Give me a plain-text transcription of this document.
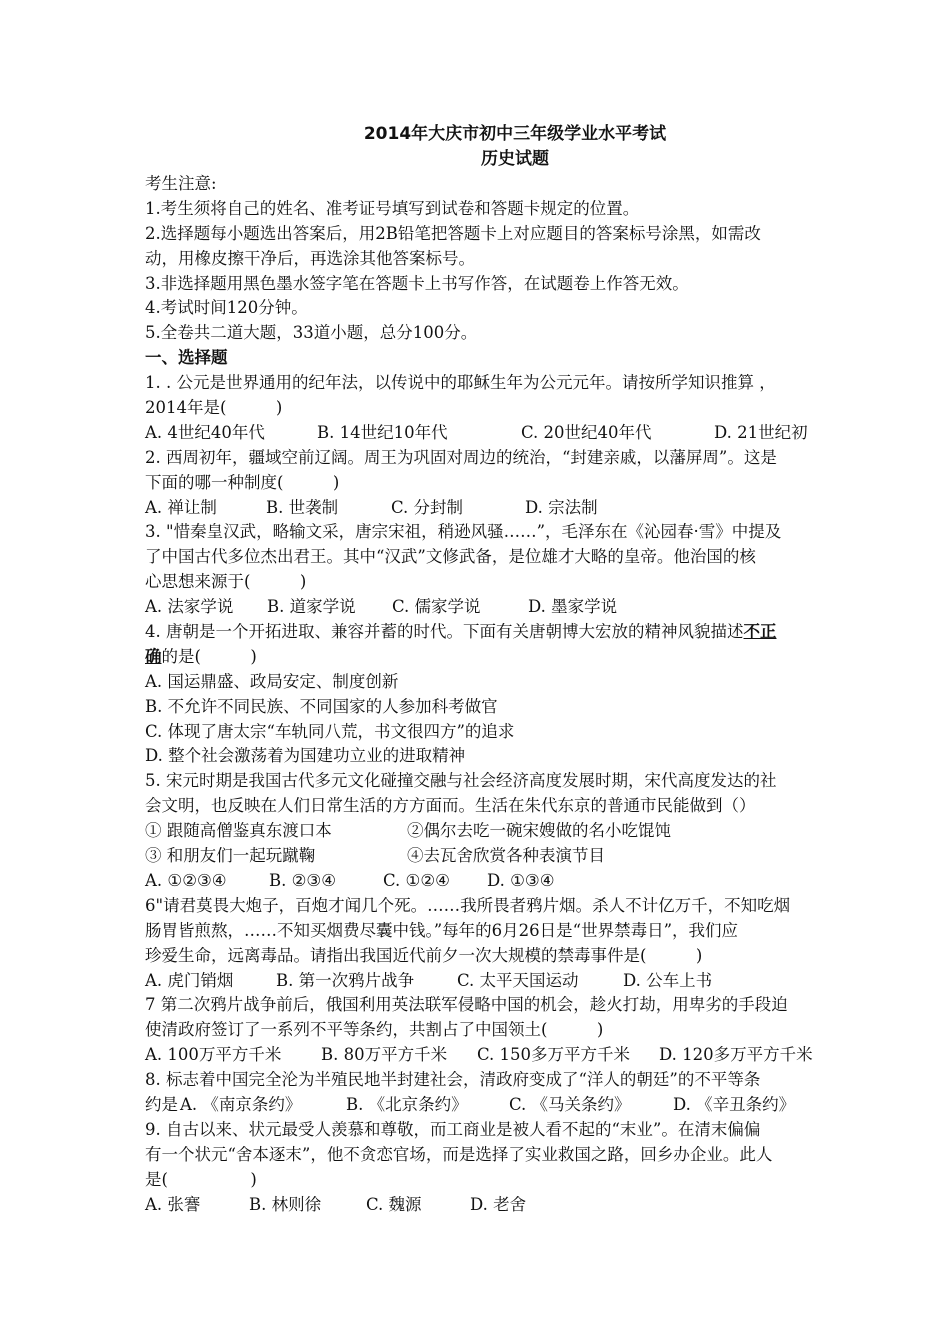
2014年大庆市初中三年级学业水平考试
历史试题
考生注意:
1.考生须将自己的姓名、准考证号填写到试卷和答题卡规定的位置。
2.选择题每小题选出答案后，用2B铅笔把答题卡上对应题目的答案标号涂黑，如需改
动，用橡皮擦干净后，再选涂其他答案标号。
3.非选择题用黑色墨水签字笔在答题卡上书写作答，在试题卷上作答无效。
4.考试时间120分钟。
5.全卷共二道大题，33道小题，总分100分。
一、选择题
1. . 公元是世界通用的纪年法，以传说中的耶稣生年为公元元年。请按所学知识推算 ，
2014年是(　　　)
A. 4世纪40年代	B. 14世纪10年代	C. 20世纪40年代	D. 21世纪初
2. 西周初年，疆域空前辽阔。周王为巩固对周边的统治，“封建亲戚，以藩屏周”。这是
下面的哪一种制度(　　　)
A. 禅让制	B. 世袭制	C. 分封制	D. 宗法制
3. "惜秦皇汉武，略输文采，唐宗宋祖，稍逊风骚……”，毛泽东在《沁园春·雪》中提及
了中国古代多位杰出君王。其中“汉武”文修武备，是位雄才大略的皇帝。他治国的核
心思想来源于(　　　)
A. 法家学说	B. 道家学说	C. 儒家学说	D. 墨家学说
4. 唐朝是一个开拓进取、兼容并蓄的时代。下面有关唐朝博大宏放的精神风貌描述不正
确的是(　　　)
A. 国运鼎盛、政局安定、制度创新
B. 不允许不同民族、不同国家的人参加科考做官
C. 体现了唐太宗“车轨同八荒，书文很四方”的追求
D. 整个社会激荡着为国建功立业的进取精神
5. 宋元时期是我国古代多元文化碰撞交融与社会经济高度发展时期，宋代高度发达的社
会文明，也反映在人们日常生活的方方面而。生活在朱代东京的普通市民能做到（）
① 跟随高僧鉴真东渡口本	②偶尔去吃一碗宋嫂做的名小吃馄饨
③ 和朋友们一起玩蹴鞠	④去瓦舍欣赏各种表演节目
A. ①②③④	B. ②③④	C. ①②④	D. ①③④
6"请君莫畏大炮子，百炮才闻几个死。……我所畏者鸦片烟。杀人不计亿万千，不知吃烟
肠胃皆煎熬，……不知买烟费尽囊中钱。”每年的6月26日是“世界禁毒日”，我们应
珍爱生命，远离毒品。请指出我国近代前夕一次大规模的禁毒事件是(　　　)
A. 虎门销烟	B. 第一次鸦片战争	C. 太平天国运动	D. 公车上书
7 第二次鸦片战争前后，俄国利用英法联军侵略中国的机会，趁火打劫，用卑劣的手段迫
使清政府签订了一系列不平等条约，共割占了中国领土(　　　)
A. 100万平方千米	B. 80万平方千米	C. 150多万平方千米	D. 120多万平方千米
8. 标志着中国完全沦为半殖民地半封建社会，清政府变成了“洋人的朝廷”的不平等条
约是 A. 《南京条约》	B. 《北京条约》	C. 《马关条约》	D. 《辛丑条约》
9. 自古以来、状元最受人羡慕和尊敬，而工商业是被人看不起的“末业”。在清末偏偏
有一个状元“舍本逐末”，他不贪恋官场，而是选择了实业救国之路，回乡办企业。此人
是(　　　　　)
A. 张謇	B. 林则徐	C. 魏源	D. 老舍
